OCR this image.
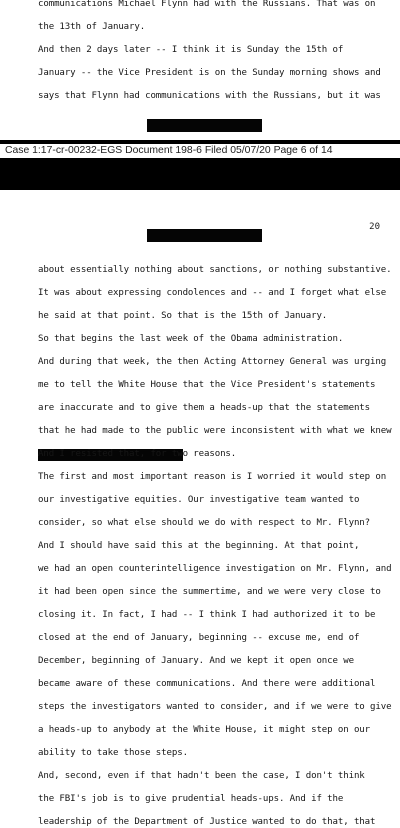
communications Michael Flynn had with the Russians. That was on
the 13th of January.
And then 2 days later -- I think it is Sunday the 15th of
January -- the Vice President is on the Sunday morning shows and
says that Flynn had communications with the Russians, but it was
Case 1:17-cr-00232-EGS Document 198-6 Filed 05/07/20 Page 6 of 14
20
about essentially nothing about sanctions, or nothing substantive.
It was about expressing condolences and -- and I forget what else
he said at that point. So that is the 15th of January.
So that begins the last week of the Obama administration.
And during that week, the then Acting Attorney General was urging
me to tell the White House that the Vice President's statements
are inaccurate and to give them a heads-up that the statements
that he had made to the public were inconsistent with what we knew
And I resisted that, for two reasons.
The first and most important reason is I worried it would step on
our investigative equities. Our investigative team wanted to
consider, so what else should we do with respect to Mr. Flynn?
And I should have said this at the beginning. At that point,
we had an open counterintelligence investigation on Mr. Flynn, and
it had been open since the summertime, and we were very close to
closing it. In fact, I had -- I think I had authorized it to be
closed at the end of January, beginning -- excuse me, end of
December, beginning of January. And we kept it open once we
became aware of these communications. And there were additional
steps the investigators wanted to consider, and if we were to give
a heads-up to anybody at the White House, it might step on our
ability to take those steps.
And, second, even if that hadn't been the case, I don't think
the FBI's job is to give prudential heads-ups. And if the
leadership of the Department of Justice wanted to do that, that
